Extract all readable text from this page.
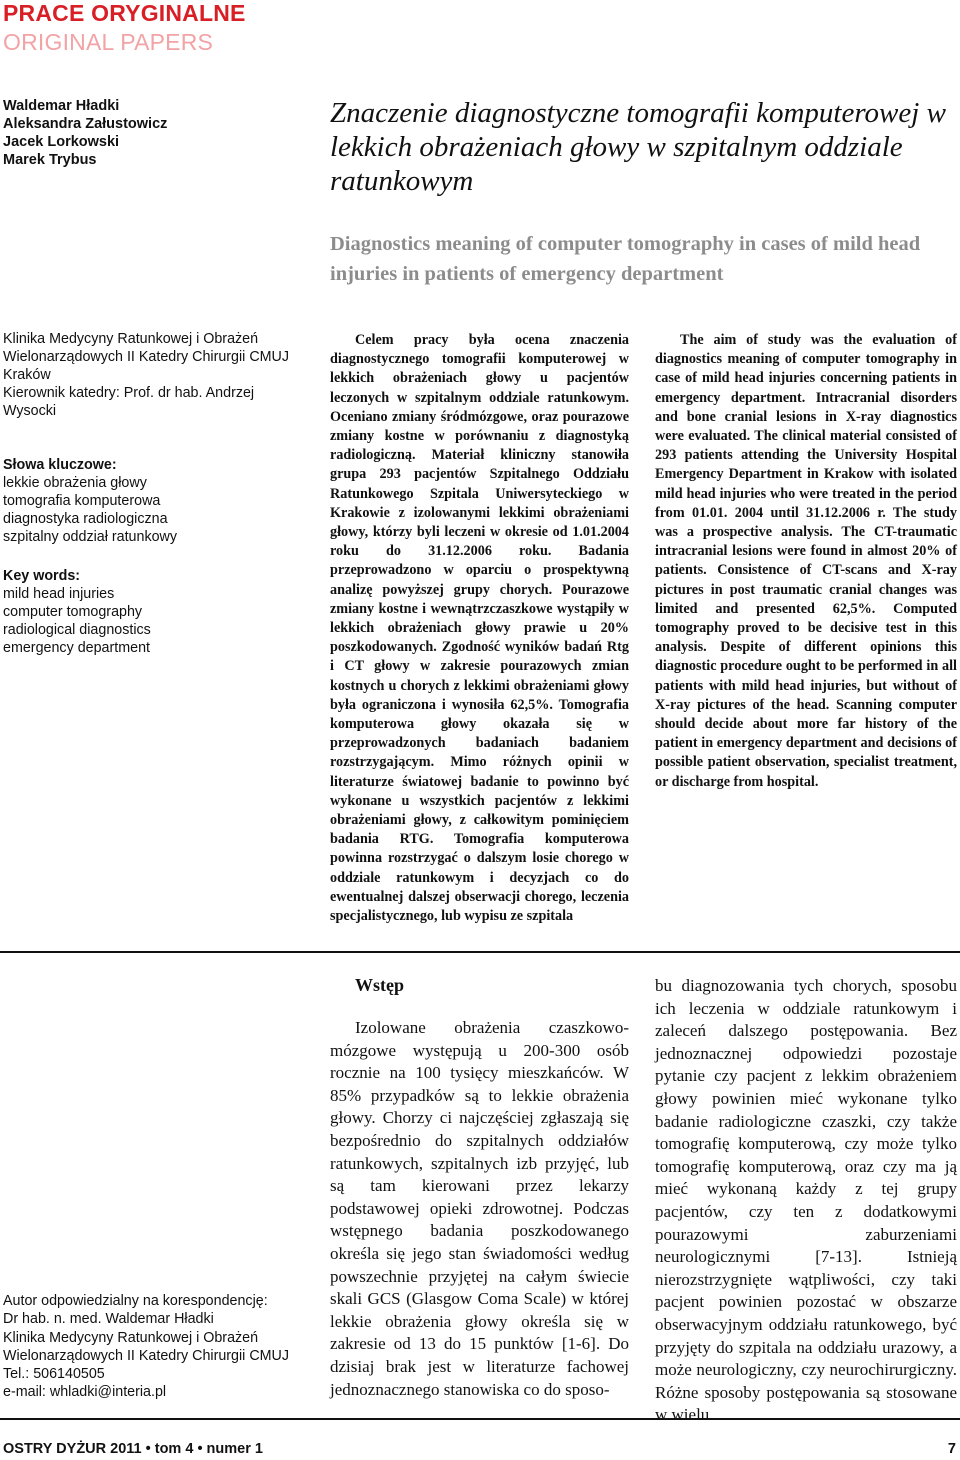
PRACE ORYGINALNE
ORIGINAL PAPERS
Waldemar Hładki
Aleksandra Załustowicz
Jacek Lorkowski
Marek Trybus
Znaczenie diagnostyczne tomografii komputerowej w lekkich obrażeniach głowy w szpitalnym oddziale ratunkowym
Diagnostics meaning of computer tomography in cases of mild head injuries in patients of emergency department
Klinika Medycyny Ratunkowej i Obrażeń
Wielonarządowych II Katedry Chirurgii CMUJ
Kraków
Kierownik katedry: Prof. dr hab. Andrzej Wysocki
Słowa kluczowe:
lekkie obrażenia głowy
tomografia komputerowa
diagnostyka radiologiczna
szpitalny oddział ratunkowy
Key words:
mild head injuries
computer tomography
radiological diagnostics
emergency department
Celem pracy była ocena znaczenia diagnostycznego tomografii komputerowej w lekkich obrażeniach głowy u pacjentów leczonych w szpitalnym oddziale ratunkowym. Oceniano zmiany śródmózgowe, oraz pourazowe zmiany kostne w porównaniu z diagnostyką radiologiczną. Materiał kliniczny stanowiła grupa 293 pacjentów Szpitalnego Oddziału Ratunkowego Szpitala Uniwersyteckiego w Krakowie z izolowanymi lekkimi obrażeniami głowy, którzy byli leczeni w okresie od 1.01.2004 roku do 31.12.2006 roku. Badania przeprowadzono w oparciu o prospektywną analizę powyższej grupy chorych. Pourazowe zmiany kostne i wewnątrzczaszkowe wystąpiły w lekkich obrażeniach głowy prawie u 20% poszkodowanych. Zgodność wyników badań Rtg i CT głowy w zakresie pourazowych zmian kostnych u chorych z lekkimi obrażeniami głowy była ograniczona i wynosiła 62,5%. Tomografia komputerowa głowy okazała się w przeprowadzonych badaniach badaniem rozstrzygającym. Mimo różnych opinii w literaturze światowej badanie to powinno być wykonane u wszystkich pacjentów z lekkimi obrażeniami głowy, z całkowitym pominięciem badania RTG. Tomografia komputerowa powinna rozstrzygać o dalszym losie chorego w oddziale ratunkowym i decyzjach co do ewentualnej dalszej obserwacji chorego, leczenia specjalistycznego, lub wypisu ze szpitala
The aim of study was the evaluation of diagnostics meaning of computer tomography in case of mild head injuries concerning patients in emergency department. Intracranial disorders and bone cranial lesions in X-ray diagnostics were evaluated. The clinical material consisted of 293 patients attending the University Hospital Emergency Department in Krakow with isolated mild head injuries who were treated in the period from 01.01. 2004 until 31.12.2006 r. The study was a prospective analysis. The CT-traumatic intracranial lesions were found in almost 20% of patients. Consistence of CT-scans and X-ray pictures in post traumatic cranial changes was limited and presented 62,5%. Computed tomography proved to be decisive test in this analysis. Despite of different opinions this diagnostic procedure ought to be performed in all patients with mild head injuries, but without of X-ray pictures of the head. Scanning computer should decide about more far history of the patient in emergency department and decisions of possible patient observation, specialist treatment, or discharge from hospital.
Autor odpowiedzialny na korespondencję:
Dr hab. n. med. Waldemar Hładki
Klinika Medycyny Ratunkowej i Obrażeń
Wielonarządowych II Katedry Chirurgii CMUJ
Tel.: 506140505
e-mail: whladki@interia.pl
Wstęp
Izolowane obrażenia czaszkowo-mózgowe występują u 200-300 osób rocznie na 100 tysięcy mieszkańców. W 85% przypadków są to lekkie obrażenia głowy. Chorzy ci najczęściej zgłaszają się bezpośrednio do szpitalnych oddziałów ratunkowych, szpitalnych izb przyjęć, lub są tam kierowani przez lekarzy podstawowej opieki zdrowotnej. Podczas wstępnego badania poszkodowanego określa się jego stan świadomości według powszechnie przyjętej na całym świecie skali GCS (Glasgow Coma Scale) w której lekkie obrażenia głowy określa się w zakresie od 13 do 15 punktów [1-6]. Do dzisiaj brak jest w literaturze fachowej jednoznacznego stanowiska co do sposo-
bu diagnozowania tych chorych, sposobu ich leczenia w oddziale ratunkowym i zaleceń dalszego postępowania. Bez jednoznacznej odpowiedzi pozostaje pytanie czy pacjent z lekkim obrażeniem głowy powinien mieć wykonane tylko badanie radiologiczne czaszki, czy także tomografię komputerową, czy może tylko tomografię komputerową, oraz czy ma ją mieć wykonaną każdy z tej grupy pacjentów, czy ten z dodatkowymi pourazowymi zaburzeniami neurologicznymi [7-13]. Istnieją nierozstrzygnięte wątpliwości, czy taki pacjent powinien pozostać w obszarze obserwacyjnym oddziału ratunkowego, być przyjęty do szpitala na oddziału urazowy, a może neurologiczny, czy neurochirurgiczny. Różne sposoby postępowania są stosowane w wielu
OSTRY DYŻUR 2011 • tom 4 • numer 1	7
